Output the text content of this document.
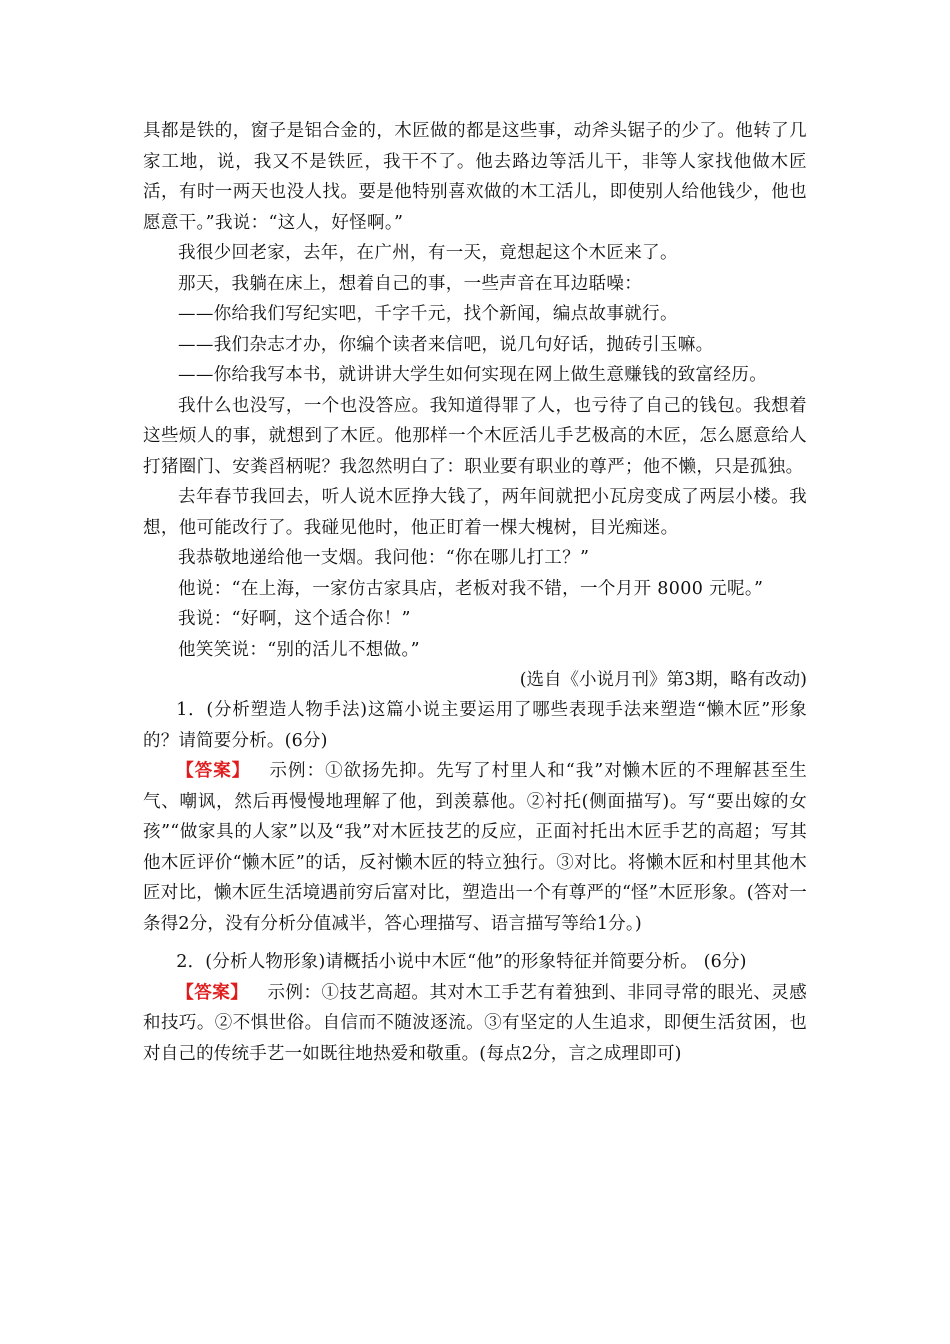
具都是铁的，窗子是铝合金的，木匠做的都是这些事，动斧头锯子的少了。他转了几家工地，说，我又不是铁匠，我干不了。他去路边等活儿干，非等人家找他做木匠活，有时一两天也没人找。要是他特别喜欢做的木工活儿，即使别人给他钱少，他也愿意干。”我说：“这人，好怪啊。”

我很少回老家，去年，在广州，有一天，竟想起这个木匠来了。

那天，我躺在床上，想着自己的事，一些声音在耳边聒噪：

——你给我们写纪实吧，千字千元，找个新闻，编点故事就行。

——我们杂志才办，你编个读者来信吧，说几句好话，抛砖引玉嘛。

——你给我写本书，就讲讲大学生如何实现在网上做生意赚钱的致富经历。

我什么也没写，一个也没答应。我知道得罪了人，也亏待了自己的钱包。我想着这些烦人的事，就想到了木匠。他那样一个木匠活儿手艺极高的木匠，怎么愿意给人打猪圈门、安粪舀柄呢？我忽然明白了：职业要有职业的尊严；他不懒，只是孤独。

去年春节我回去，听人说木匠挣大钱了，两年间就把小瓦房变成了两层小楼。我想，他可能改行了。我碰见他时，他正盯着一棵大槐树，目光痴迷。

我恭敬地递给他一支烟。我问他：“你在哪儿打工？”

他说：“在上海，一家仿古家具店，老板对我不错，一个月开 8000 元呢。”

我说：“好啊，这个适合你！”

他笑笑说：“别的活儿不想做。”

(选自《小说月刊》第3期，略有改动)

1．(分析塑造人物手法)这篇小说主要运用了哪些表现手法来塑造“懒木匠”形象的？请简要分析。(6分)

【答案】 示例：①欲扬先抑。先写了村里人和“我”对懒木匠的不理解甚至生气、嘲讽，然后再慢慢地理解了他，到羡慕他。②衬托(侧面描写)。写“要出嫁的女孩”“做家具的人家”以及“我”对木匠技艺的反应，正面衬托出木匠手艺的高超；写其他木匠评价“懒木匠”的话，反衬懒木匠的特立独行。③对比。将懒木匠和村里其他木匠对比，懒木匠生活境遇前穷后富对比，塑造出一个有尊严的“怪”木匠形象。(答对一条得2分，没有分析分值减半，答心理描写、语言描写等给1分。)

2．(分析人物形象)请概括小说中木匠“他”的形象特征并简要分析。 (6分)

【答案】 示例：①技艺高超。其对木工手艺有着独到、非同寻常的眼光、灵感和技巧。②不惧世俗。自信而不随波逐流。③有坚定的人生追求，即便生活贫困，也对自己的传统手艺一如既往地热爱和敬重。(每点2分，言之成理即可)
